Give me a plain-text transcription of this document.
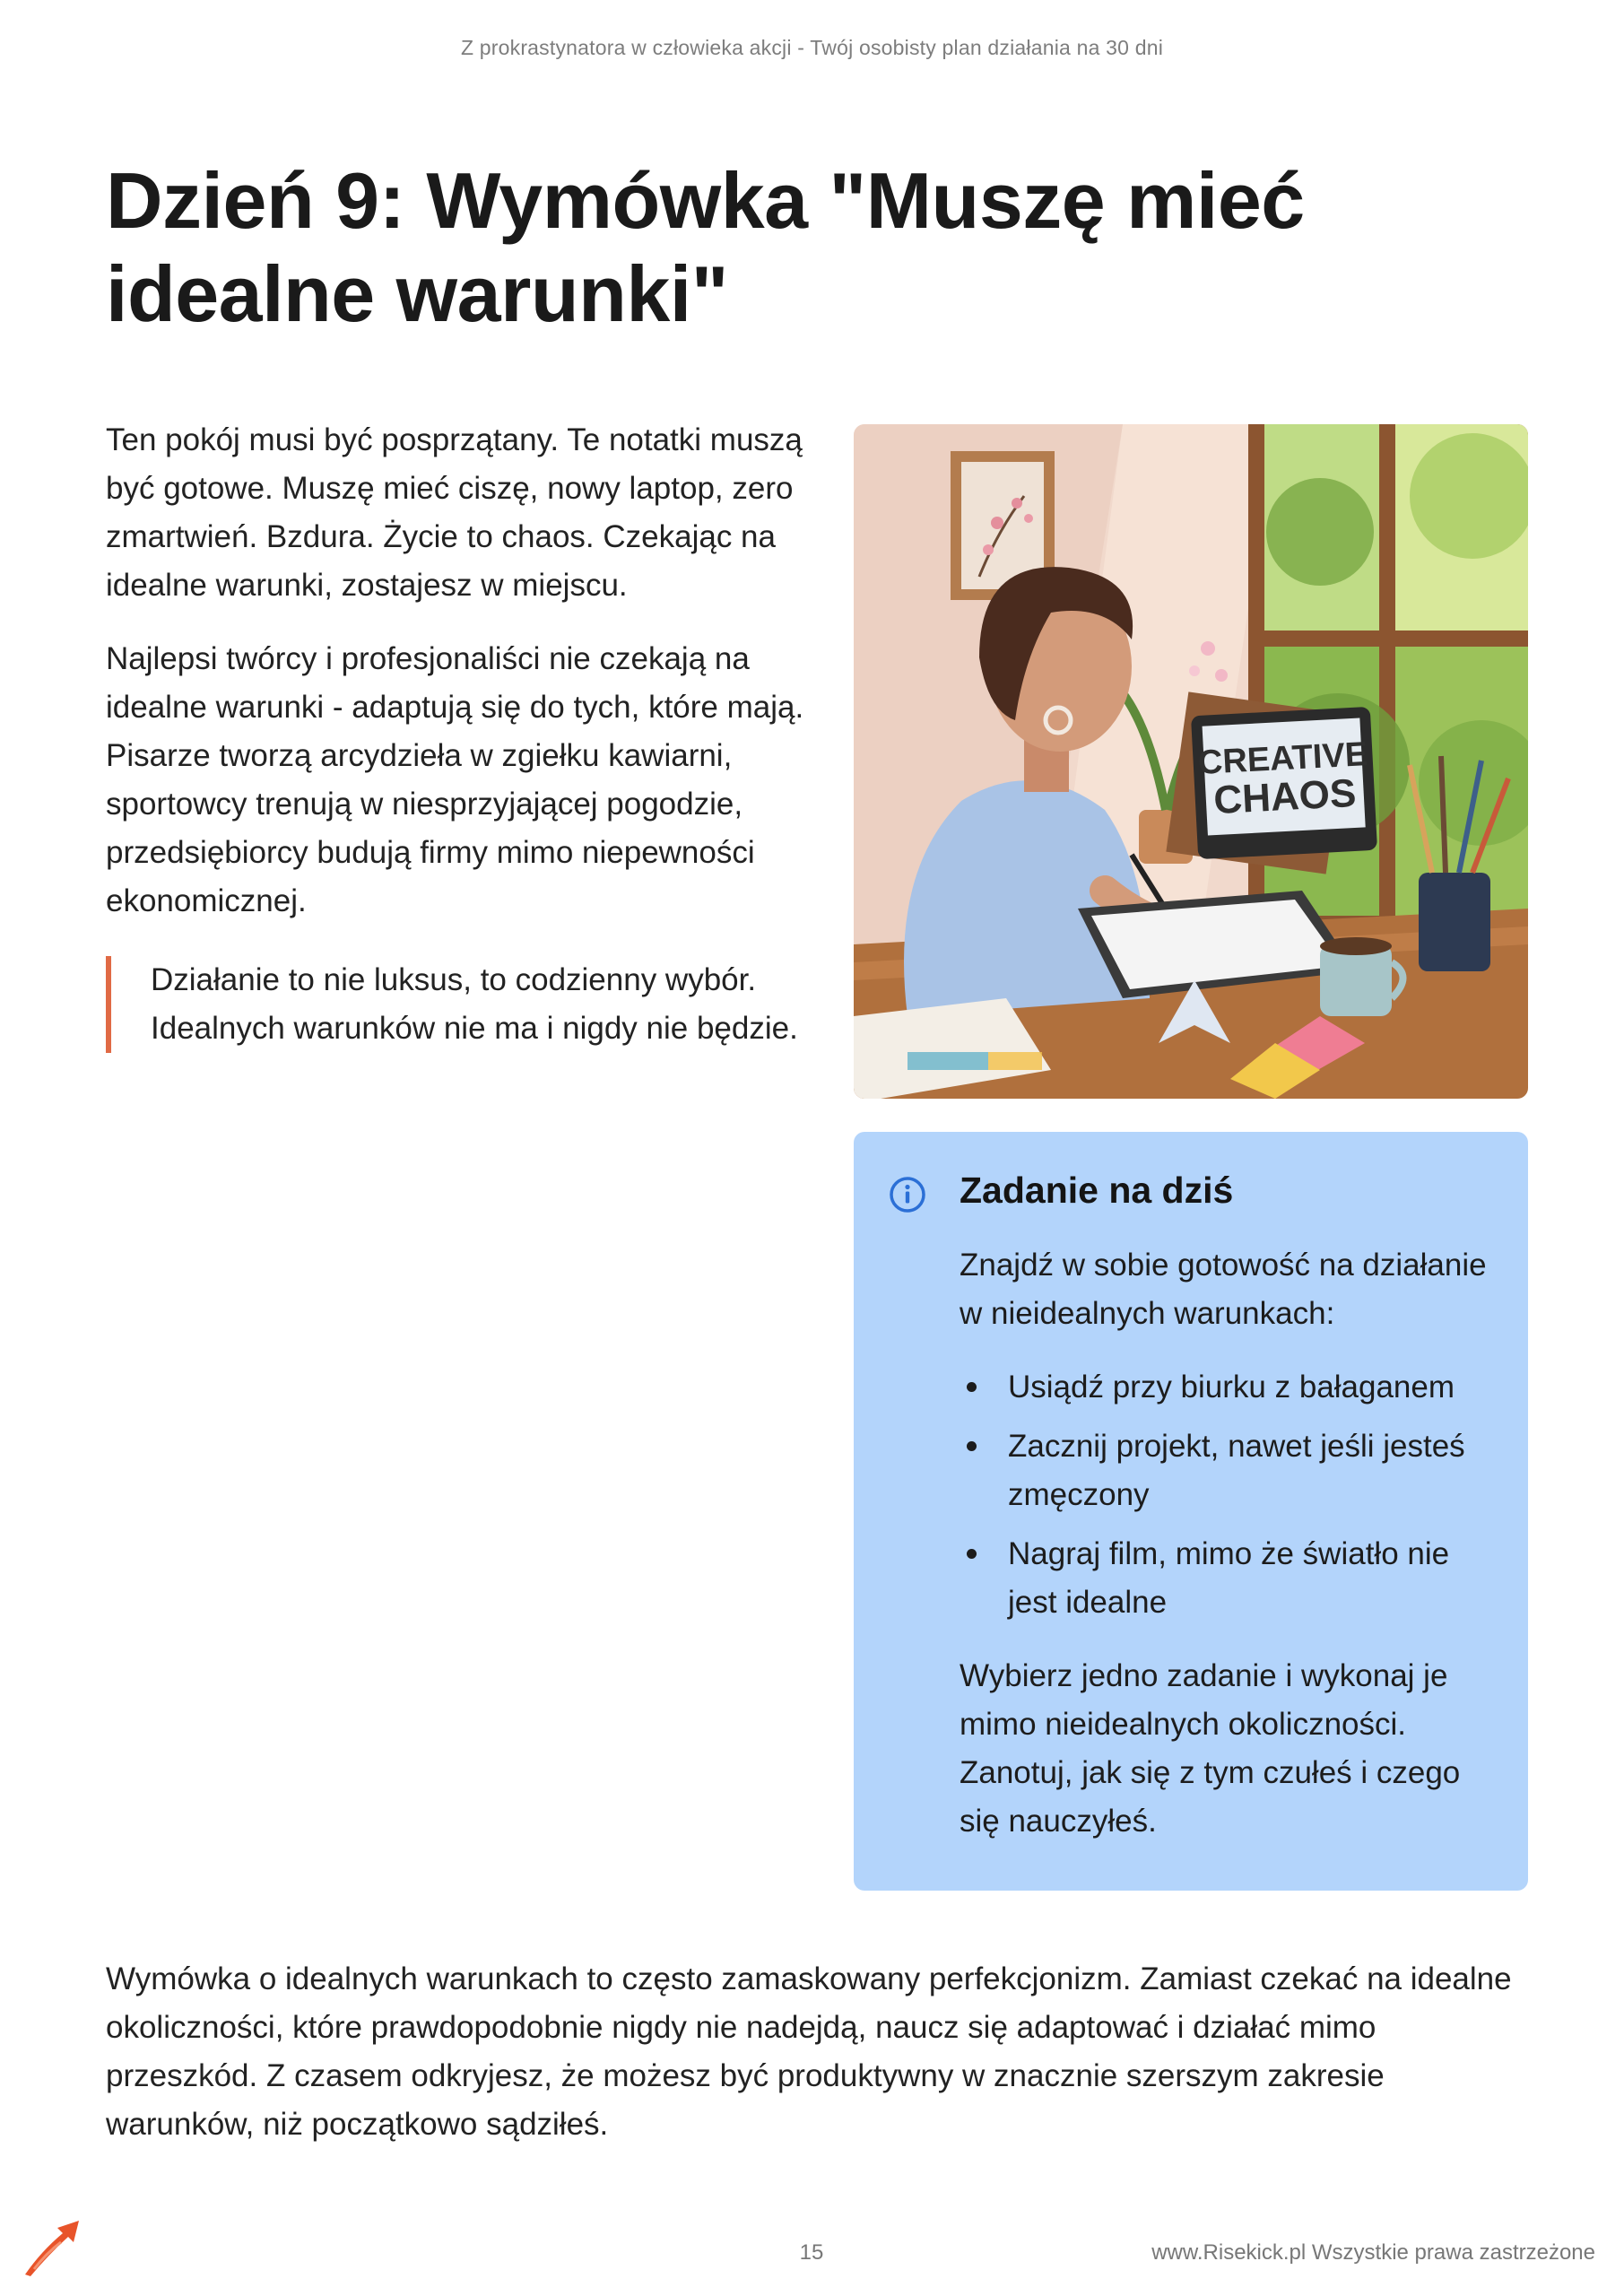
Z prokrastynatora w człowieka akcji - Twój osobisty plan działania na 30 dni
Dzień 9: Wymówka "Muszę mieć idealne warunki"

Ten pokój musi być posprzątany. Te notatki muszą być gotowe. Muszę mieć ciszę, nowy laptop, zero zmartwień. Bzdura. Życie to chaos. Czekając na idealne warunki, zostajesz w miejscu.

Najlepsi twórcy i profesjonaliści nie czekają na idealne warunki - adaptują się do tych, które mają. Pisarze tworzą arcydzieła w zgiełku kawiarni, sportowcy trenują w niesprzyjającej pogodzie, przedsiębiorcy budują firmy mimo niepewności ekonomicznej.

Działanie to nie luksus, to codzienny wybór. Idealnych warunków nie ma i nigdy nie będzie.
CREATIVE
CHAOS
Zadanie na dziś

Znajdź w sobie gotowość na działanie w nieidealnych warunkach:

Usiądź przy biurku z bałaganem
Zacznij projekt, nawet jeśli jesteś zmęczony
Nagraj film, mimo że światło nie jest idealne

Wybierz jedno zadanie i wykonaj je mimo nieidealnych okoliczności. Zanotuj, jak się z tym czułeś i czego się nauczyłeś.

Wymówka o idealnych warunkach to często zamaskowany perfekcjonizm. Zamiast czekać na idealne okoliczności, które prawdopodobnie nigdy nie nadejdą, naucz się adaptować i działać mimo przeszkód. Z czasem odkryjesz, że możesz być produktywny w znacznie szerszym zakresie warunków, niż początkowo sądziłeś.

15	www.Risekick.pl Wszystkie prawa zastrzeżone
